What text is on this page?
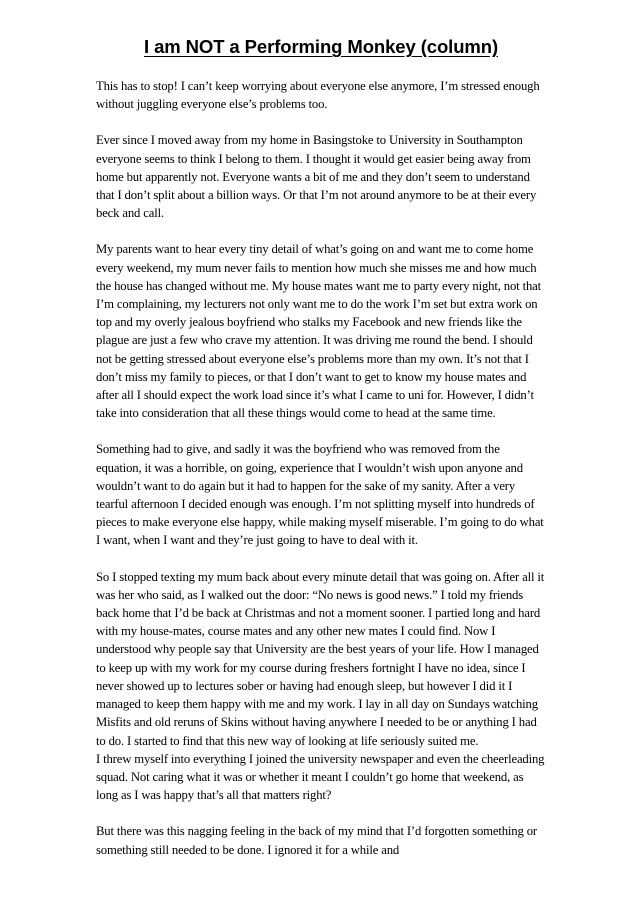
I am NOT a Performing Monkey (column)

This has to stop! I can’t keep worrying about everyone else anymore, I’m stressed enough without juggling everyone else’s problems too.

Ever since I moved away from my home in Basingstoke to University in Southampton everyone seems to think I belong to them. I thought it would get easier being away from home but apparently not. Everyone wants a bit of me and they don’t seem to understand that I don’t split about a billion ways. Or that I’m not around anymore to be at their every beck and call.

My parents want to hear every tiny detail of what’s going on and want me to come home every weekend, my mum never fails to mention how much she misses me and how much the house has changed without me. My house mates want me to party every night, not that I’m complaining, my lecturers not only want me to do the work I’m set but extra work on top and my overly jealous boyfriend who stalks my Facebook and new friends like the plague are just a few who crave my attention. It was driving me round the bend. I should not be getting stressed about everyone else’s problems more than my own. It’s not that I don’t miss my family to pieces, or that I don’t want to get to know my house mates and after all I should expect the work load since it’s what I came to uni for. However, I didn’t take into consideration that all these things would come to head at the same time.

Something had to give, and sadly it was the boyfriend who was removed from the equation, it was a horrible, on going, experience that I wouldn’t wish upon anyone and wouldn’t want to do again but it had to happen for the sake of my sanity. After a very tearful afternoon I decided enough was enough. I’m not splitting myself into hundreds of pieces to make everyone else happy, while making myself miserable. I’m going to do what I want, when I want and they’re just going to have to deal with it.

So I stopped texting my mum back about every minute detail that was going on. After all it was her who said, as I walked out the door: “No news is good news.” I told my friends back home that I’d be back at Christmas and not a moment sooner. I partied long and hard with my house-mates, course mates and any other new mates I could find. Now I understood why people say that University are the best years of your life. How I managed to keep up with my work for my course during freshers fortnight I have no idea, since I never showed up to lectures sober or having had enough sleep, but however I did it I managed to keep them happy with me and my work. I lay in all day on Sundays watching Misfits and old reruns of Skins without having anywhere I needed to be or anything I had to do. I started to find that this new way of looking at life seriously suited me.

I threw myself into everything I joined the university newspaper and even the cheerleading squad. Not caring what it was or whether it meant I couldn’t go home that weekend, as long as I was happy that’s all that matters right?

But there was this nagging feeling in the back of my mind that I’d forgotten something or something still needed to be done. I ignored it for a while and
